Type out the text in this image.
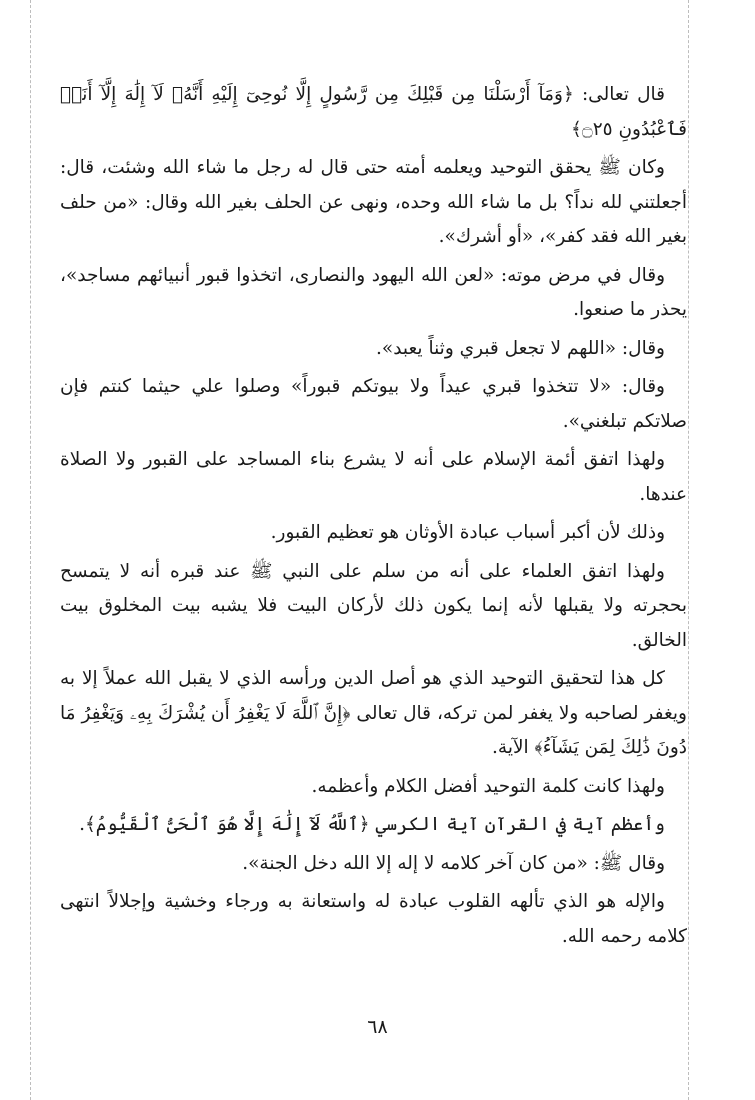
قال تعالى: ﴿وَمَآ أَرْسَلْنَا مِن قَبْلِكَ مِن رَّسُولٍ إِلَّا نُوحِىٓ إِلَيْهِ أَنَّهُۥ لَآ إِلَٰهَ إِلَّآ أَنَا۠ فَٱعْبُدُونِ ۝٢٥﴾

وكان ﷺ يحقق التوحيد ويعلمه أمته حتى قال له رجل ما شاء الله وشئت، قال: أجعلتني لله نداً؟ بل ما شاء الله وحده، ونهى عن الحلف بغير الله وقال: «من حلف بغير الله فقد كفر»، «أو أشرك».

وقال في مرض موته: «لعن الله اليهود والنصارى، اتخذوا قبور أنبيائهم مساجد»، يحذر ما صنعوا.

وقال: «اللهم لا تجعل قبري وثناً يعبد».

وقال: «لا تتخذوا قبري عيداً ولا بيوتكم قبوراً» وصلوا علي حيثما كنتم فإن صلاتكم تبلغني».

ولهذا اتفق أئمة الإسلام على أنه لا يشرع بناء المساجد على القبور ولا الصلاة عندها.

وذلك لأن أكبر أسباب عبادة الأوثان هو تعظيم القبور.

ولهذا اتفق العلماء على أنه من سلم على النبي ﷺ عند قبره أنه لا يتمسح بحجرته ولا يقبلها لأنه إنما يكون ذلك لأركان البيت فلا يشبه بيت المخلوق بيت الخالق.

كل هذا لتحقيق التوحيد الذي هو أصل الدين ورأسه الذي لا يقبل الله عملاً إلا به ويغفر لصاحبه ولا يغفر لمن تركه، قال تعالى ﴿إِنَّ ٱللَّهَ لَا يَغْفِرُ أَن يُشْرَكَ بِهِۦ وَيَغْفِرُ مَا دُونَ ذَٰلِكَ لِمَن يَشَآءُ﴾ الآية.

ولهذا كانت كلمة التوحيد أفضل الكلام وأعظمه.

وأعظم آية في القرآن آية الكرسي ﴿ٱللَّهُ لَآ إِلَٰهَ إِلَّا هُوَ ٱلْحَىُّ ٱلْقَيُّومُ﴾.

وقال ﷺ: «من كان آخر كلامه لا إله إلا الله دخل الجنة».

والإله هو الذي تألهه القلوب عبادة له واستعانة به ورجاء وخشية وإجلالاً انتهى كلامه رحمه الله.

٦٨
